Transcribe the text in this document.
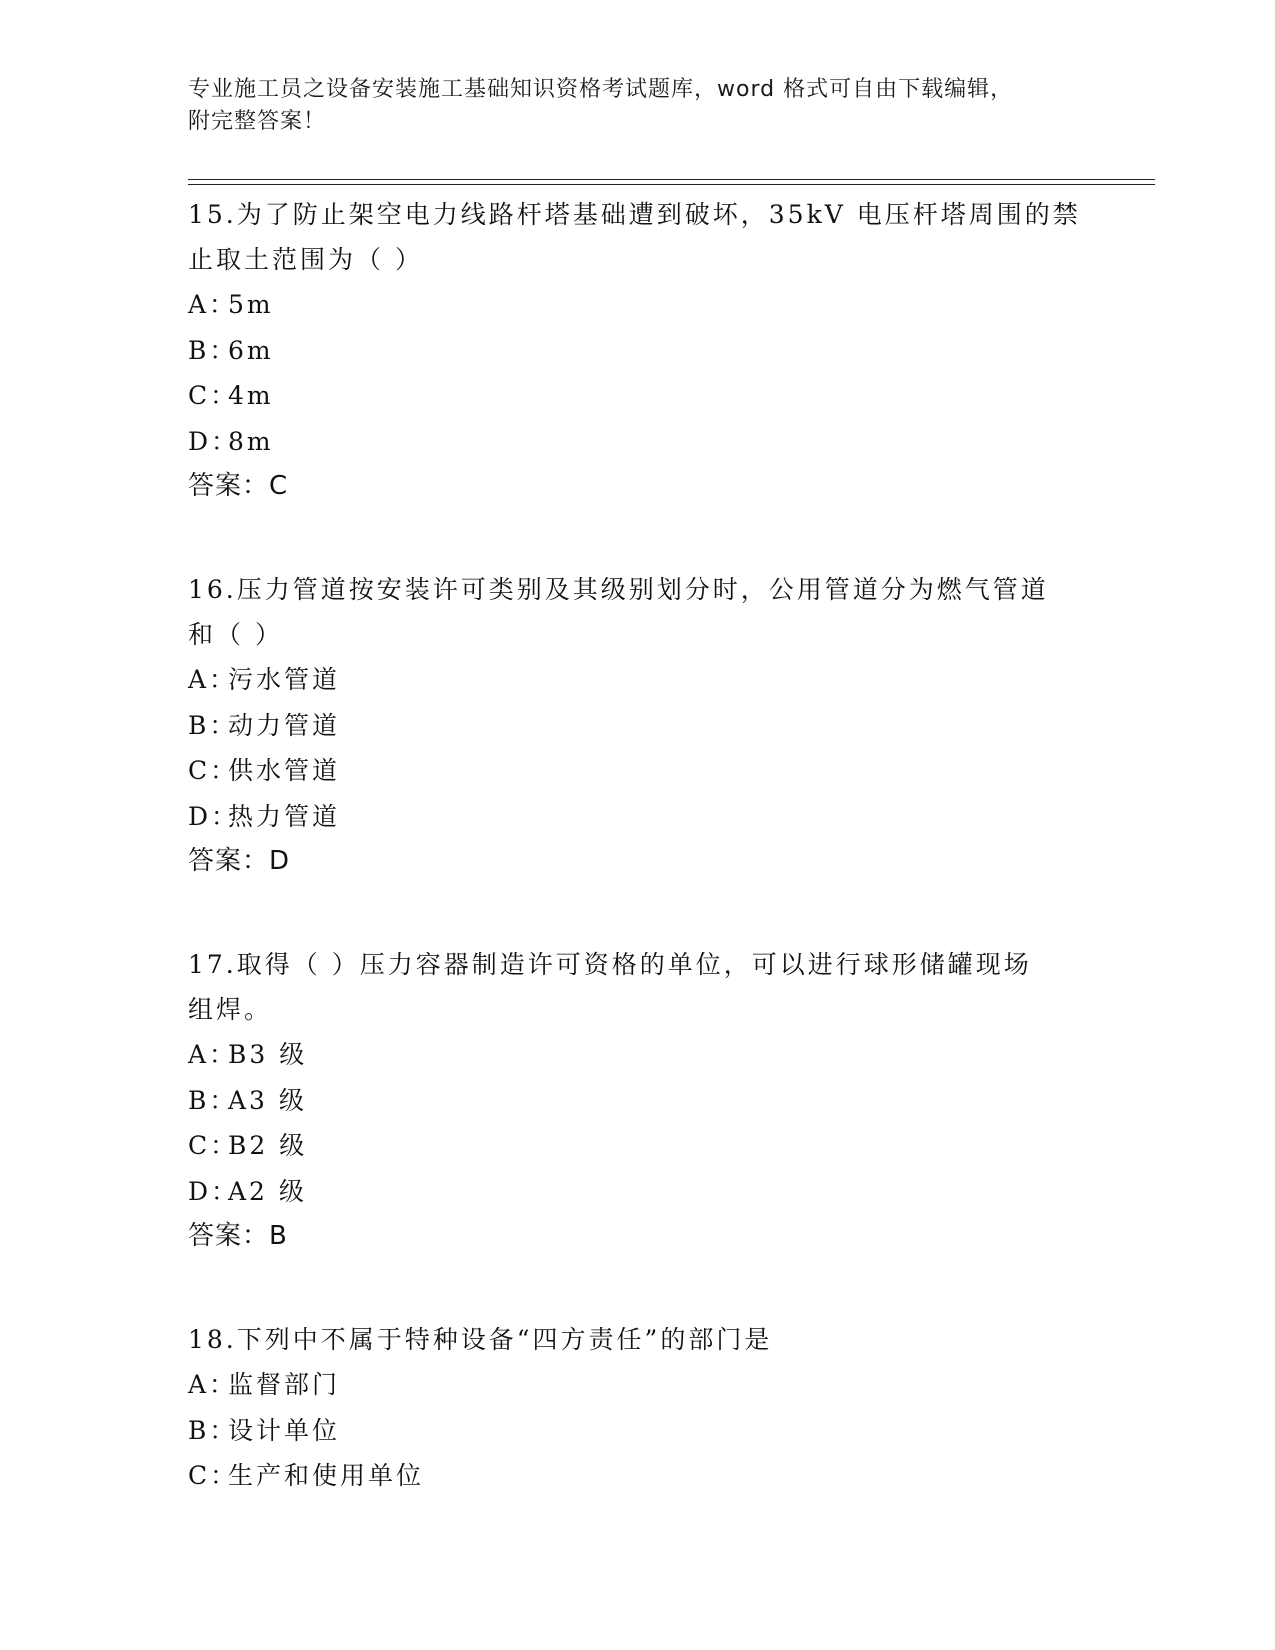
专业施工员之设备安装施工基础知识资格考试题库，word 格式可自由下载编辑，
附完整答案！
15.为了防止架空电力线路杆塔基础遭到破坏，35kV 电压杆塔周围的禁
止取土范围为（ ）
A：5m
B：6m
C：4m
D：8m
答案：C
16.压力管道按安装许可类别及其级别划分时，公用管道分为燃气管道
和（ ）
A：污水管道
B：动力管道
C：供水管道
D：热力管道
答案：D
17.取得（ ）压力容器制造许可资格的单位，可以进行球形储罐现场
组焊。
A：B3 级
B：A3 级
C：B2 级
D：A2 级
答案：B
18.下列中不属于特种设备“四方责任”的部门是
A：监督部门
B：设计单位
C：生产和使用单位
